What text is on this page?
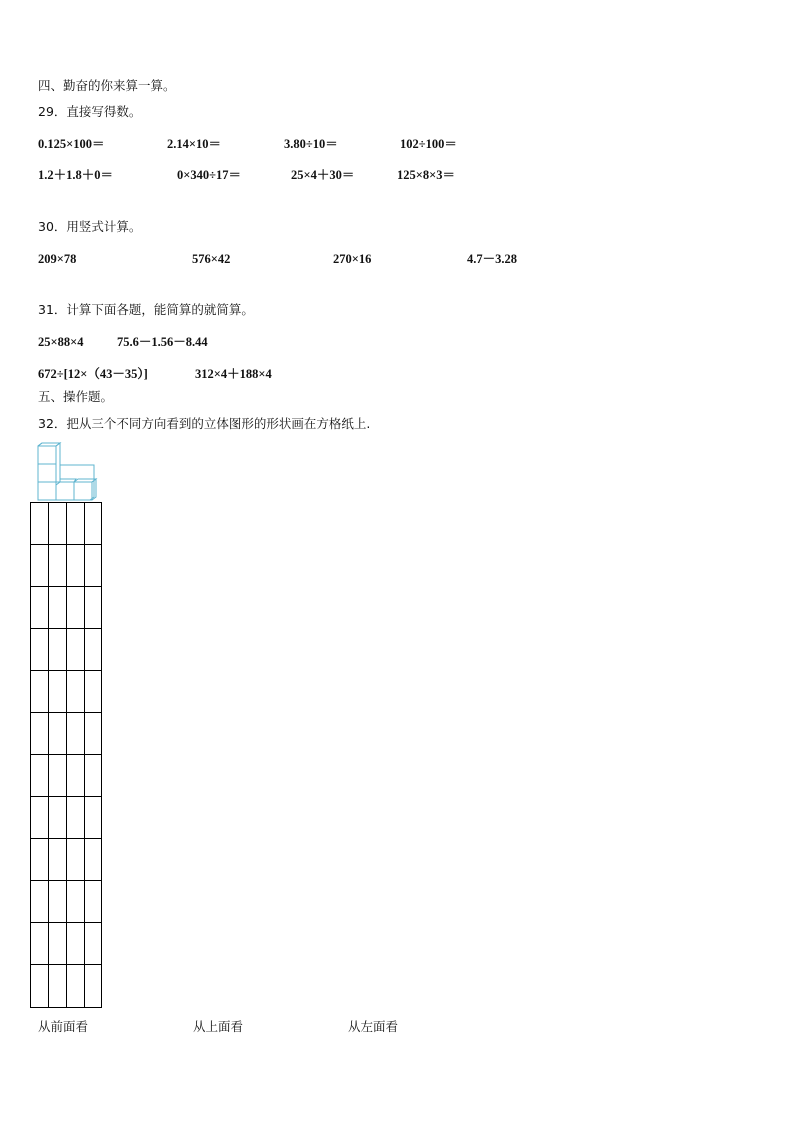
四、勤奋的你来算一算。
29．直接写得数。
0.125×100＝	2.14×10＝	3.80÷10＝	102÷100＝
1.2＋1.8＋0＝	0×340÷17＝	25×4＋30＝	125×8×3＝
30．用竖式计算。
209×78	576×42	270×16	4.7－3.28
31．计算下面各题，能简算的就简算。
25×88×4	75.6－1.56－8.44
672÷[12×（43－35）]	312×4＋188×4
五、操作题。
32．把从三个不同方向看到的立体图形的形状画在方格纸上.
从前面看	从上面看	从左面看
